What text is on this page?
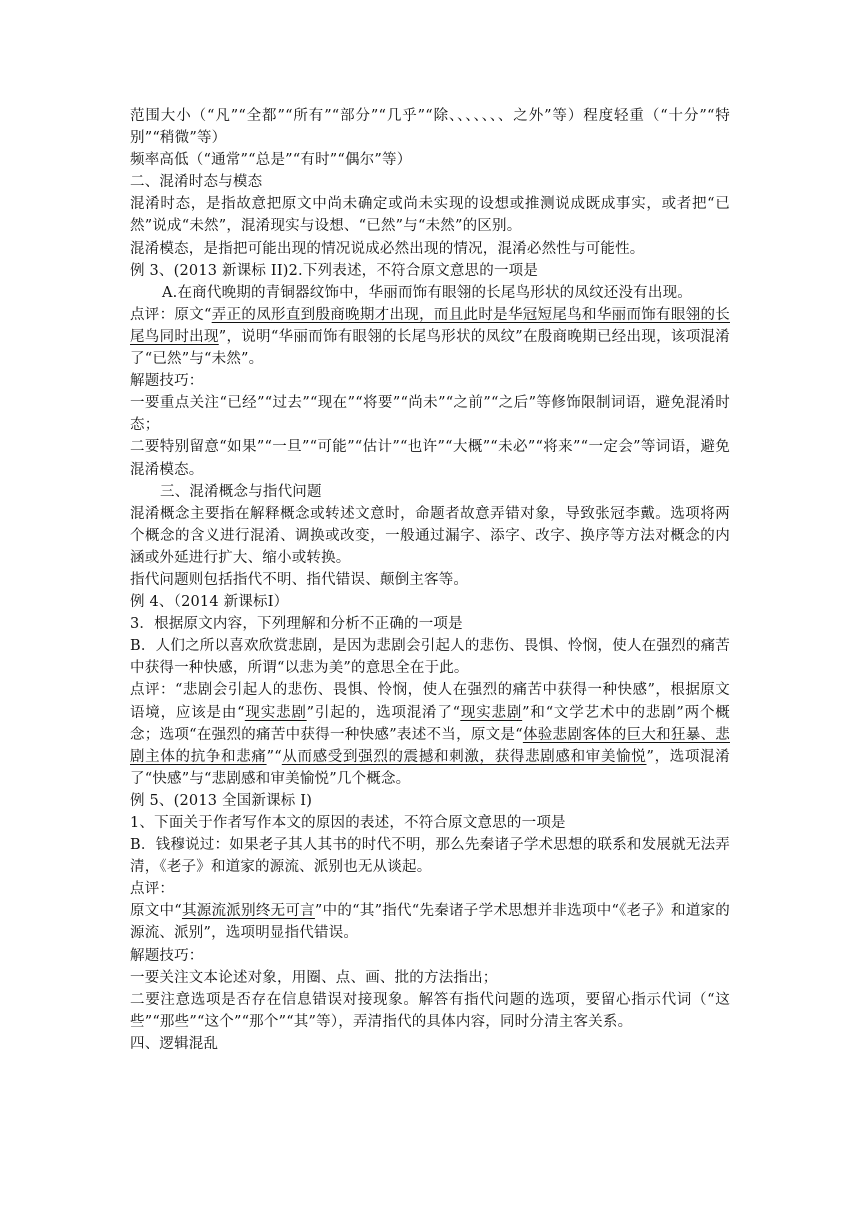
范围大小（“凡”“全都”“所有”“部分”“几乎”“除、、、、、、、之外”等）程度轻重（“十分”“特别”“稍微”等）

频率高低（“通常”“总是”“有时”“偶尔”等）

二、混淆时态与模态

混淆时态，是指故意把原文中尚未确定或尚未实现的设想或推测说成既成事实，或者把“已然”说成“未然”，混淆现实与设想、“已然”与“未然”的区别。

混淆模态，是指把可能出现的情况说成必然出现的情况，混淆必然性与可能性。

例 3、(2013 新课标 II)2.下列表述，不符合原文意思的一项是

A.在商代晚期的青铜器纹饰中，华丽而饰有眼翎的长尾鸟形状的凤纹还没有出现。

点评：原文“弄正的凤形直到殷商晚期才出现，而且此时是华冠短尾鸟和华丽而饰有眼翎的长尾鸟同时出现”，说明“华丽而饰有眼翎的长尾鸟形状的凤纹”在殷商晚期已经出现，该项混淆了“已然”与“未然”。

解题技巧：

一要重点关注“已经”“过去”“现在”“将要”“尚未”“之前”“之后”等修饰限制词语，避免混淆时态；

二要特别留意“如果”“一旦”“可能”“估计”“也许”“大概”“未必”“将来”“一定会”等词语，避免混淆模态。

三、混淆概念与指代问题

混淆概念主要指在解释概念或转述文意时，命题者故意弄错对象，导致张冠李戴。选项将两个概念的含义进行混淆、调换或改变，一般通过漏字、添字、改字、换序等方法对概念的内涵或外延进行扩大、缩小或转换。

指代问题则包括指代不明、指代错误、颠倒主客等。

例 4、（2014 新课标Ⅰ）

3．根据原文内容，下列理解和分析不正确的一项是

B．人们之所以喜欢欣赏悲剧，是因为悲剧会引起人的悲伤、畏惧、怜悯，使人在强烈的痛苦中获得一种快感，所谓“以悲为美”的意思全在于此。

点评：“悲剧会引起人的悲伤、畏惧、怜悯，使人在强烈的痛苦中获得一种快感”，根据原文语境，应该是由“现实悲剧”引起的，选项混淆了“现实悲剧”和“文学艺术中的悲剧”两个概念；选项“在强烈的痛苦中获得一种快感”表述不当，原文是“体验悲剧客体的巨大和狂暴、悲剧主体的抗争和悲痛”“从而感受到强烈的震撼和刺激，获得悲剧感和审美愉悦”，选项混淆了“快感”与“悲剧感和审美愉悦”几个概念。

例 5、(2013 全国新课标 I)

1、下面关于作者写作本文的原因的表述，不符合原文意思的一项是

B．钱穆说过：如果老子其人其书的时代不明，那么先秦诸子学术思想的联系和发展就无法弄清，《老子》和道家的源流、派别也无从谈起。

点评：

原文中“其源流派别终无可言”中的“其”指代“先秦诸子学术思想并非选项中“《老子》和道家的源流、派别”，选项明显指代错误。

解题技巧：

一要关注文本论述对象，用圈、点、画、批的方法指出；

二要注意选项是否存在信息错误对接现象。解答有指代问题的选项，要留心指示代词（“这些”“那些”“这个”“那个”“其”等），弄清指代的具体内容，同时分清主客关系。

四、逻辑混乱
